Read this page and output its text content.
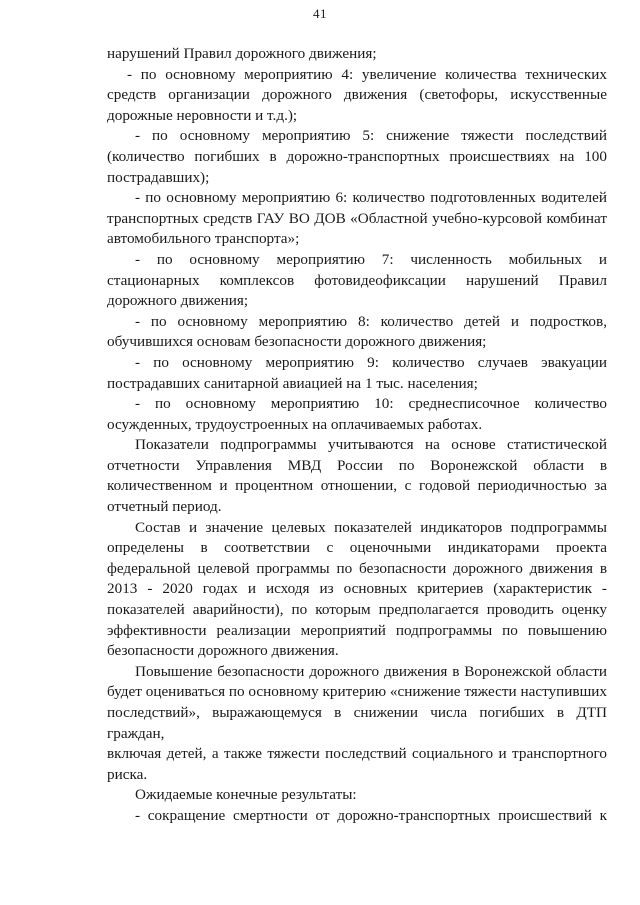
41
нарушений Правил дорожного движения;
- по основному мероприятию 4: увеличение количества технических
средств организации дорожного движения (светофоры, искусственные
дорожные неровности и т.д.);
- по основному мероприятию 5: снижение тяжести последствий
(количество погибших в дорожно-транспортных происшествиях на 100
пострадавших);
- по основному мероприятию 6: количество подготовленных водителей
транспортных средств ГАУ ВО ДОВ «Областной учебно-курсовой комбинат
автомобильного транспорта»;
- по основному мероприятию 7: численность мобильных и
стационарных комплексов фотовидеофиксации нарушений Правил
дорожного движения;
- по основному мероприятию 8: количество детей и подростков,
обучившихся основам безопасности дорожного движения;
- по основному мероприятию 9: количество случаев эвакуации
пострадавших санитарной авиацией на 1 тыс. населения;
- по основному мероприятию 10: среднесписочное количество
осужденных, трудоустроенных на оплачиваемых работах.
Показатели подпрограммы учитываются на основе статистической
отчетности Управления МВД России по Воронежской области в
количественном и процентном отношении, с годовой периодичностью за
отчетный период.
Состав и значение целевых показателей индикаторов подпрограммы
определены в соответствии с оценочными индикаторами проекта
федеральной целевой программы по безопасности дорожного движения в
2013 - 2020 годах и исходя из основных критериев (характеристик -
показателей аварийности), по которым предполагается проводить оценку
эффективности реализации мероприятий подпрограммы по повышению
безопасности дорожного движения.
Повышение безопасности дорожного движения в Воронежской области
будет оцениваться по основному критерию «снижение тяжести наступивших
последствий», выражающемуся в снижении числа погибших в ДТП граждан,
включая детей, а также тяжести последствий социального и транспортного
риска.
Ожидаемые конечные результаты:
- сокращение смертности от дорожно-транспортных происшествий к
